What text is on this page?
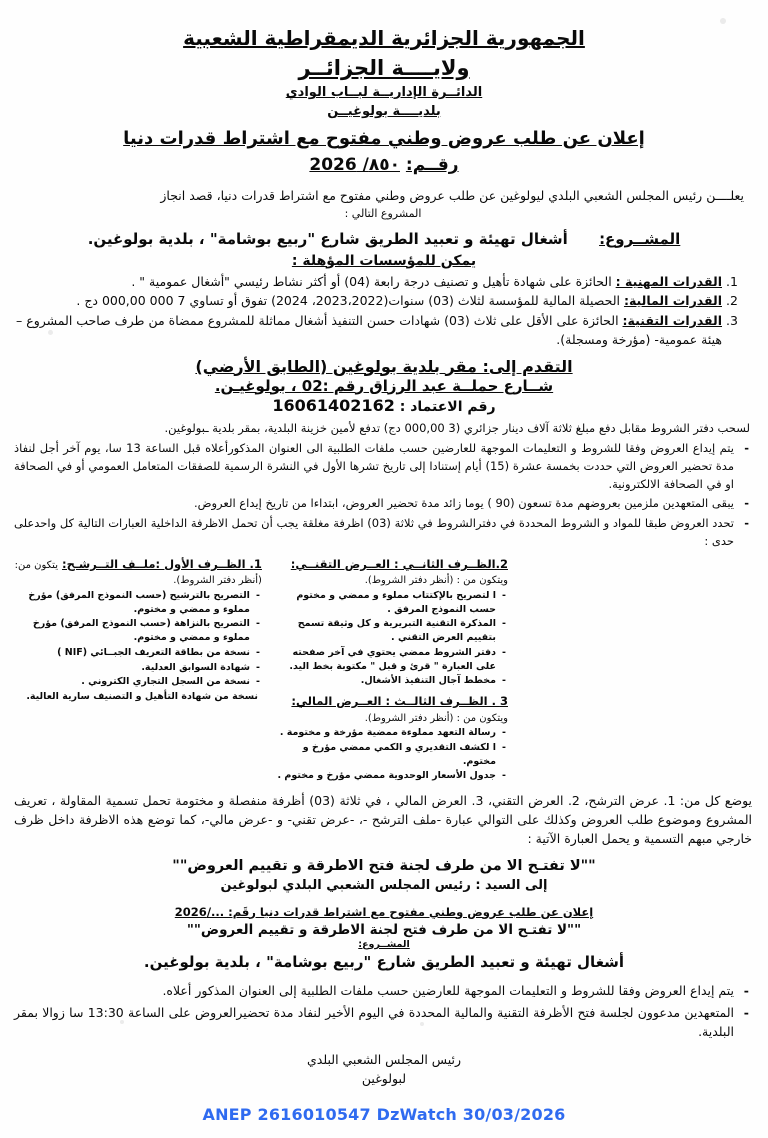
الجمهورية الجزائرية الديمقراطية الشعبية
ولايــــة الجزائــر
الدائــرة الإداريــة لبــاب الوادي
بلديــــة بولوغيــن
إعلان عن طلب عروض وطني مفتوح مع اشتراط قدرات دنيا
رقــم: ٨٥٠/ 2026
يعلــــن رئيس المجلس الشعبي البلدي ليولوغين عن طلب عروض وطني مفتوح مع اشتراط قدرات دنيا، قصد انجاز
المشروع التالي :
المشــروع: أشغال تهيئة و تعبيد الطريق شارع "ربيع بوشامة" ، بلدية بولوغين.
يمكن للمؤسسات المؤهلة :
1. القدرات المهنية : الحائزة على شهادة تأهيل و تصنيف درجة رابعة (04) أو أكثر نشاط رئيسي "أشغال عمومية " .
2. القدرات المالية: الحصيلة المالية للمؤسسة لثلاث (03) سنوات(2023،2022، 2024) تفوق أو تساوي 7 000 000,00 دج .
3. القدرات التقنية: الحائزة على الأقل على ثلاث (03) شهادات حسن التنفيذ أشغال مماثلة للمشروع ممضاة من طرف صاحب المشروع – هيئة عمومية- (مؤرخة ومسجلة).
التقدم إلى: مقر بلدية بولوغين (الطابق الأرضي)
شــارع حملــة عبد الرزاق رقم :02 ، بولوغيـن.
رقم الاعتماد : 16061402162
لسحب دفتر الشروط مقابل دفع مبلغ ثلاثة آلاف دينار جزائري (3 000,00 دج) تدفع لأمين خزينة البلدية، بمقر بلدية ـبولوغين.
- يتم إيداع العروض وفقا للشروط و التعليمات الموجهة للعارضين حسب ملفات الطلبية الى العنوان المذكورأعلاه قبل الساعة 13 سا، يوم آخر أجل لنفاذ مدة تحضير العروض التي حددت بخمسة عشرة (15) أيام إستنادا إلى تاريخ تشرها الأول في النشرة الرسمية للصفقات المتعامل العمومي أو في الصحافة او في الصحافة الالكترونية.
- يبقى المتعهدين ملزمين بعروضهم مدة تسعون (90 ) يوما زائد مدة تحضير العروض، ابتداءا من تاريخ إيداع العروض.
- تحدد العروض طبقا للمواد و الشروط المحددة في دفترالشروط في ثلاثة (03) اظرفة مغلقة يجب أن تحمل الاظرفة الداخلية العبارات التالية كل واحدعلى حدى :
2.الظــرف الثانــي : العــرض التقنــي: ويتكون من : (أنظر دفتر الشروط).
- ا لتصريح بالإكتتاب مملوء و ممضي و مختوم حسب النموذج المرفق .
- المذكرة التقنية التبريرية و كل وثيقة تسمح بتقييم العرض التقني .
- دفتر الشروط ممضي يحتوي في آخر صفحته على العبارة " قرئ و قبل " مكتوبة بخط اليد.
- مخطط آجال التنفيذ الأشغال.
3 . الظــرف الثالــث : العــرض المالي: ويتكون من : (أنظر دفتر الشروط).
- رسالة التعهد مملوءة ممضية مؤرخة و مختومة .
- ا لكشف التقديري و الكمي ممضي مؤرخ و مختوم.
- جدول الأسعار الوحدوية ممضي مؤرخ و مختوم .
1. الظــرف الأول :ملــف التــرشـح: يتكون من: (أنظر دفتر الشروط).
- التصريح بالترشيح (حسب النموذج المرفق) مؤرخ مملوء و ممضي و مختوم.
- التصريح بالنزاهة (حسب النموذج المرفق) مؤرخ مملوء و ممضي و مختوم.
- نسخة من بطاقة التعريف الجبــائي (NIF )
- شهادة السوابق العدلية.
- نسخة من السجل التجاري الكتروني .
نسخة من شهادة التأهيل و التصنيف سارية العالية.
يوضع كل من: 1. عرض الترشح، 2. العرض التقني، 3. العرض المالي ، في ثلاثة (03) أظرفة منفصلة و مختومة تحمل تسمية المقاولة ، تعريف المشروع وموضوع طلب العروض وكذلك على التوالي عبارة -ملف الترشح -، -عرض تقني- و -عرض مالي-، كما توضع هذه الاظرفة داخل ظرف خارجي مبهم التسمية و يحمل العبارة الآتية :
""لا تفتـح الا من طرف لجنة فتح الاطرقة و تقييم العروض""
إلى السيد : رئيس المجلس الشعبي البلدي لبولوغين
إعلان عن طلب عروض وطني مفتوح مع اشتراط قدرات دنيا رقَم: .../2026
""لا تفتـح الا من طرف فتح لجنة الاطرقة و تقييم العروض""
المشــروع:
أشغال تهيئة و تعبيد الطريق شارع "ربيع بوشامة" ، بلدية بولوغين.
- يتم إيداع العروض وفقا للشروط و التعليمات الموجهة للعارضين حسب ملفات الطلبية إلى العنوان المذكور أعلاه.
- المتعهدين مدعوون لجلسة فتح الأظرفة التقنية والمالية المحددة في اليوم الأخير لنفاد مدة تحضيرالعروض على الساعة 13:30 سا زوالا بمقر البلدية.
رئيس المجلس الشعبي البلدي
لبولوغين
ANEP 2616010547 DzWatch 30/03/2026
